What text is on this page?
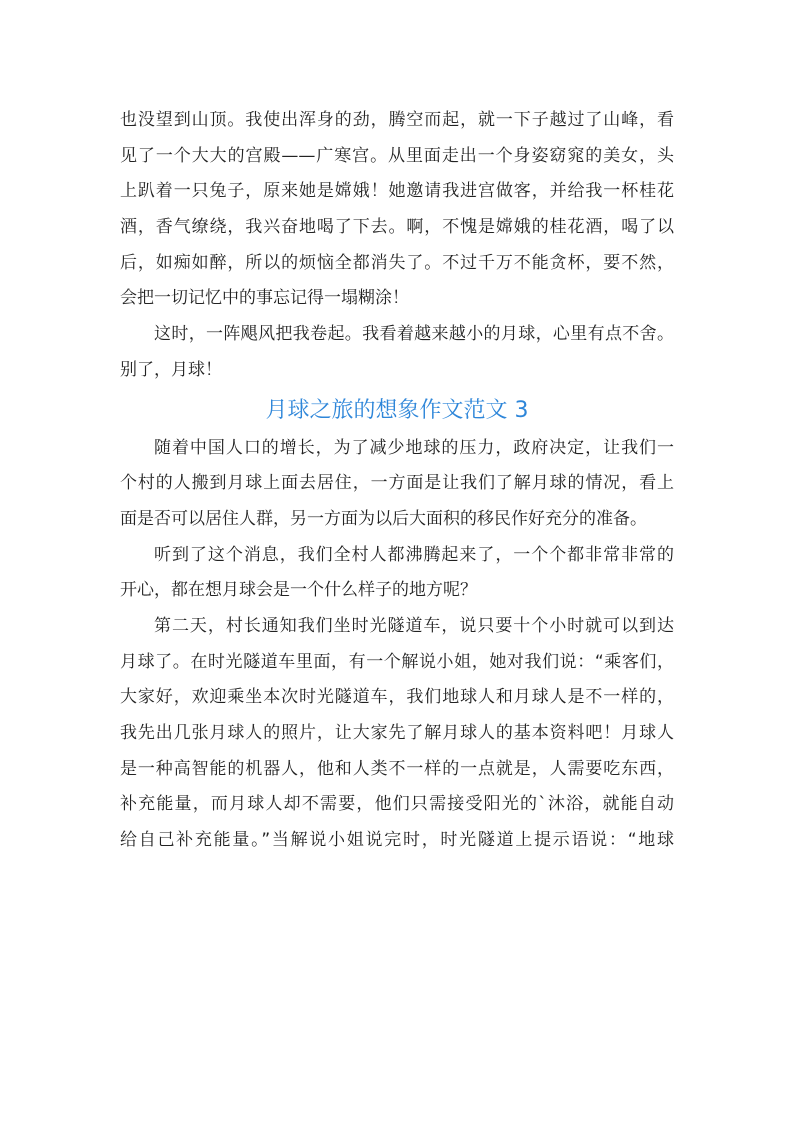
也没望到山顶。我使出浑身的劲，腾空而起，就一下子越过了山峰，看
见了一个大大的宫殿——广寒宫。从里面走出一个身姿窈窕的美女，头
上趴着一只兔子，原来她是嫦娥！她邀请我进宫做客，并给我一杯桂花
酒，香气缭绕，我兴奋地喝了下去。啊，不愧是嫦娥的桂花酒，喝了以
后，如痴如醉，所以的烦恼全都消失了。不过千万不能贪杯，要不然，
会把一切记忆中的事忘记得一塌糊涂！
这时，一阵飓风把我卷起。我看着越来越小的月球，心里有点不舍。
别了，月球！
月球之旅的想象作文范文 3
随着中国人口的增长，为了减少地球的压力，政府决定，让我们一
个村的人搬到月球上面去居住，一方面是让我们了解月球的情况，看上
面是否可以居住人群，另一方面为以后大面积的移民作好充分的准备。
听到了这个消息，我们全村人都沸腾起来了，一个个都非常非常的
开心，都在想月球会是一个什么样子的地方呢？
第二天，村长通知我们坐时光隧道车，说只要十个小时就可以到达
月球了。在时光隧道车里面，有一个解说小姐，她对我们说：“乘客们，
大家好，欢迎乘坐本次时光隧道车，我们地球人和月球人是不一样的，
我先出几张月球人的照片，让大家先了解月球人的基本资料吧！月球人
是一种高智能的机器人，他和人类不一样的一点就是，人需要吃东西，
补充能量，而月球人却不需要，他们只需接受阳光的`沐浴，就能自动
给自己补充能量。”当解说小姐说完时，时光隧道上提示语说：“地球
